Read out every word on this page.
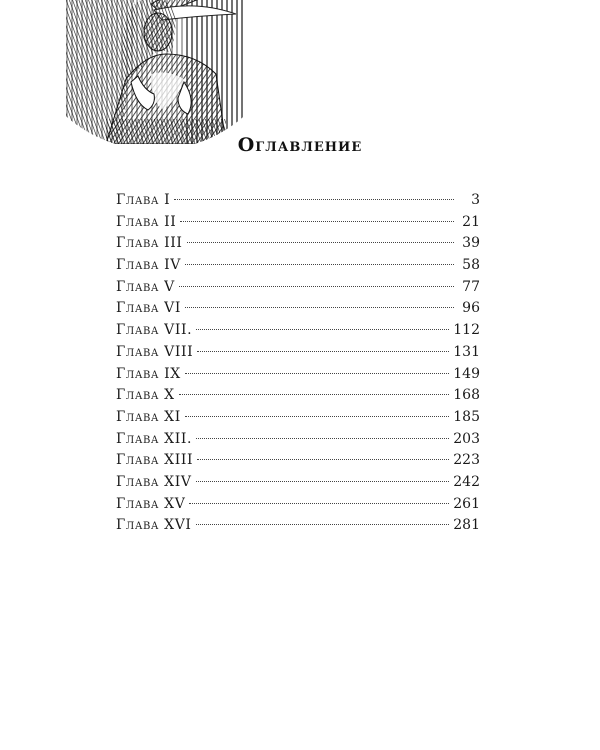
Оглавление
Глава I	3
Глава II	21
Глава III	39
Глава IV	58
Глава V	77
Глава VI	96
Глава VII.	112
Глава VIII	131
Глава IX	149
Глава X	168
Глава XI	185
Глава XII.	203
Глава XIII	223
Глава XIV	242
Глава XV	261
Глава XVI	281
